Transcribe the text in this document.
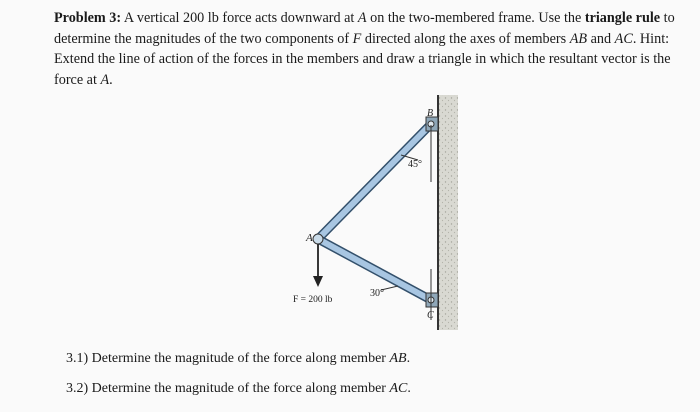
Problem 3: A vertical 200 lb force acts downward at A on the two-membered frame. Use the triangle rule to determine the magnitudes of the two components of F directed along the axes of members AB and AC. Hint: Extend the line of action of the forces in the members and draw a triangle in which the resultant vector is the force at A.
A
B
C
45°
30°
F = 200 lb
3.1) Determine the magnitude of the force along member AB.
3.2) Determine the magnitude of the force along member AC.
